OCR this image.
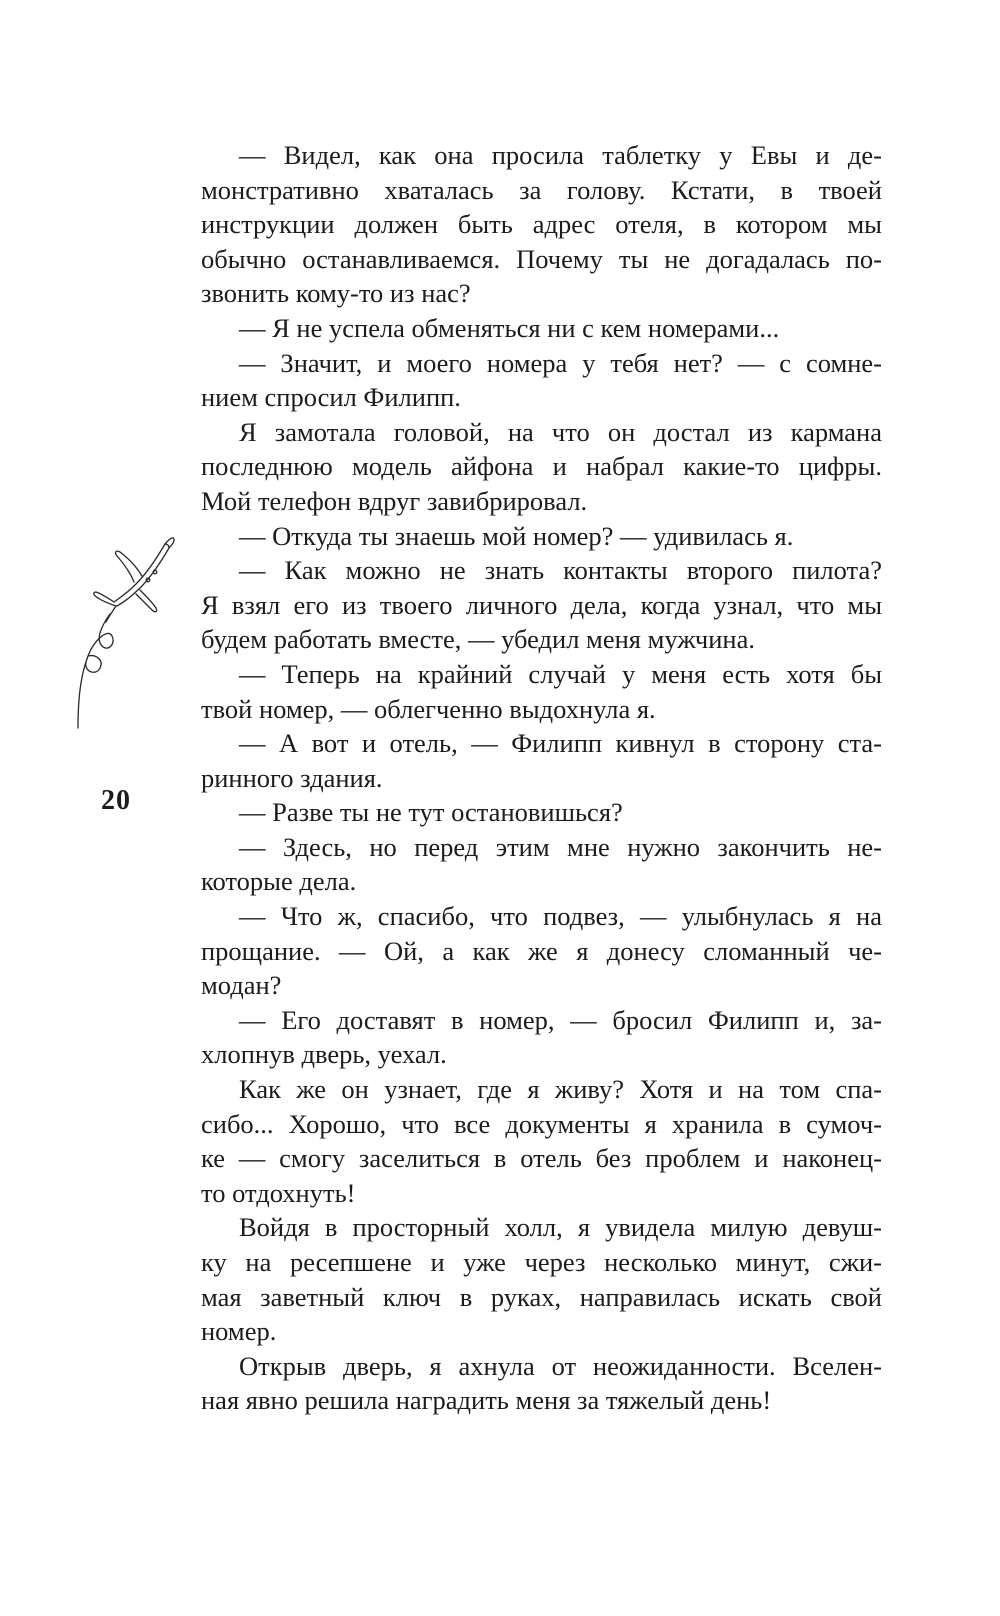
20
— Видел, как она просила таблетку у Евы и де-
монстративно хваталась за голову. Кстати, в твоей
инструкции должен быть адрес отеля, в котором мы
обычно останавливаемся. Почему ты не догадалась по-
звонить кому-то из нас?
— Я не успела обменяться ни с кем номерами...
— Значит, и моего номера у тебя нет? — с сомне-
нием спросил Филипп.
Я замотала головой, на что он достал из кармана
последнюю модель айфона и набрал какие-то цифры.
Мой телефон вдруг завибрировал.
— Откуда ты знаешь мой номер? — удивилась я.
— Как можно не знать контакты второго пилота?
Я взял его из твоего личного дела, когда узнал, что мы
будем работать вместе, — убедил меня мужчина.
— Теперь на крайний случай у меня есть хотя бы
твой номер, — облегченно выдохнула я.
— А вот и отель, — Филипп кивнул в сторону ста-
ринного здания.
— Разве ты не тут остановишься?
— Здесь, но перед этим мне нужно закончить не-
которые дела.
— Что ж, спасибо, что подвез, — улыбнулась я на
прощание. — Ой, а как же я донесу сломанный че-
модан?
— Его доставят в номер, — бросил Филипп и, за-
хлопнув дверь, уехал.
Как же он узнает, где я живу? Хотя и на том спа-
сибо... Хорошо, что все документы я хранила в сумоч-
ке — смогу заселиться в отель без проблем и наконец-
то отдохнуть!
Войдя в просторный холл, я увидела милую девуш-
ку на ресепшене и уже через несколько минут, сжи-
мая заветный ключ в руках, направилась искать свой
номер.
Открыв дверь, я ахнула от неожиданности. Вселен-
ная явно решила наградить меня за тяжелый день!
